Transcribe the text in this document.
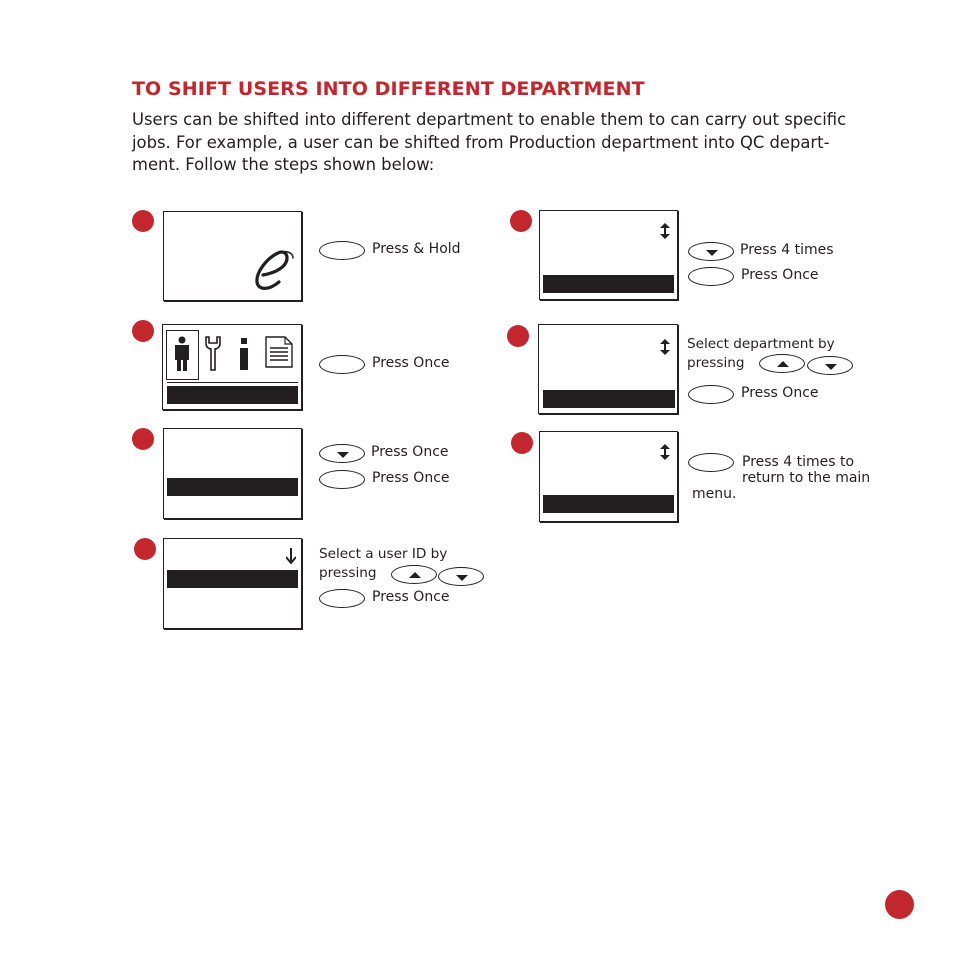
TO SHIFT USERS INTO DIFFERENT DEPARTMENT
Users can be shifted into different department to enable them to can carry out specific
jobs. For example, a user can be shifted from Production department into QC depart-
ment. Follow the steps shown below:
Press & Hold
Press Once
Press Once
Press Once
Select a user ID by
pressing
Press Once
Press 4 times
Press Once
Select department by
pressing
Press Once
Press 4 times to
return to the main
menu.
